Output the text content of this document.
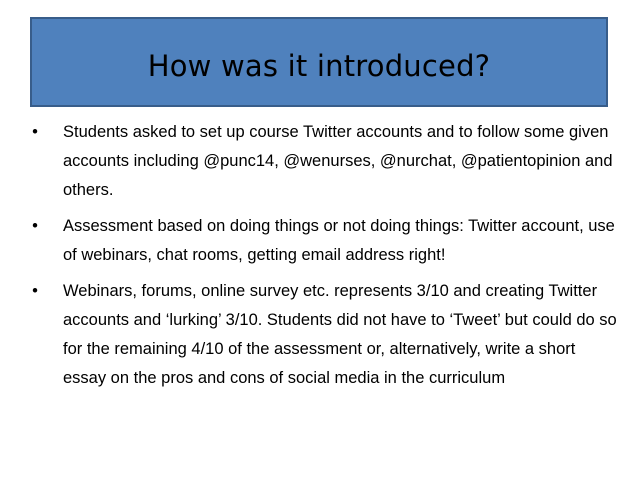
How was it introduced?
• Students asked to set up course Twitter accounts and to follow some given accounts including @punc14, @wenurses, @nurchat, @patientopinion and others.
• Assessment based on doing things or not doing things: Twitter account, use of webinars, chat rooms, getting email address right!
• Webinars, forums, online survey etc. represents 3/10 and creating Twitter accounts and ‘lurking’ 3/10. Students did not have to ‘Tweet’ but could do so for the remaining 4/10 of the assessment or, alternatively, write a short essay on the pros and cons of social media in the curriculum
